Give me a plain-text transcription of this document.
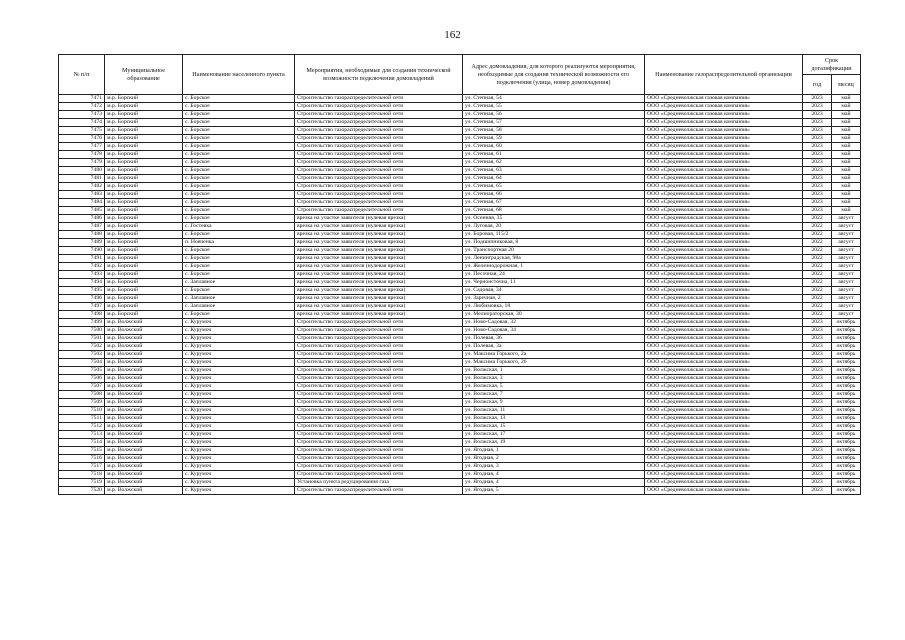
162
№ п/п	Муниципальное образование	Наименование населенного пункта	Мероприятия, необходимые для создания технической возможности подключения домовладений	Адрес домовладения, для которого реализуются мероприятия, необходимые для создания технической возможности его подключения (улица, номер домовладения)	Наименование газораспределительной организации	Срок догазификации	
						год	месяц
7471	м.р. Борский	с. Борское	Строительство газораспределительной сети	ул. Степная, 54	ООО «Средневолжская газовая компания»	2023	май
7472	м.р. Борский	с. Борское	Строительство газораспределительной сети	ул. Степная, 55	ООО «Средневолжская газовая компания»	2023	май
7473	м.р. Борский	с. Борское	Строительство газораспределительной сети	ул. Степная, 56	ООО «Средневолжская газовая компания»	2023	май
7474	м.р. Борский	с. Борское	Строительство газораспределительной сети	ул. Степная, 57	ООО «Средневолжская газовая компания»	2023	май
7475	м.р. Борский	с. Борское	Строительство газораспределительной сети	ул. Степная, 58	ООО «Средневолжская газовая компания»	2023	май
7476	м.р. Борский	с. Борское	Строительство газораспределительной сети	ул. Степная, 59	ООО «Средневолжская газовая компания»	2023	май
7477	м.р. Борский	с. Борское	Строительство газораспределительной сети	ул. Степная, 60	ООО «Средневолжская газовая компания»	2023	май
7478	м.р. Борский	с. Борское	Строительство газораспределительной сети	ул. Степная, 61	ООО «Средневолжская газовая компания»	2023	май
7479	м.р. Борский	с. Борское	Строительство газораспределительной сети	ул. Степная, 62	ООО «Средневолжская газовая компания»	2023	май
7480	м.р. Борский	с. Борское	Строительство газораспределительной сети	ул. Степная, 63	ООО «Средневолжская газовая компания»	2023	май
7481	м.р. Борский	с. Борское	Строительство газораспределительной сети	ул. Степная, 64	ООО «Средневолжская газовая компания»	2023	май
7482	м.р. Борский	с. Борское	Строительство газораспределительной сети	ул. Степная, 65	ООО «Средневолжская газовая компания»	2023	май
7483	м.р. Борский	с. Борское	Строительство газораспределительной сети	ул. Степная, 66	ООО «Средневолжская газовая компания»	2023	май
7484	м.р. Борский	с. Борское	Строительство газораспределительной сети	ул. Степная, 67	ООО «Средневолжская газовая компания»	2023	май
7485	м.р. Борский	с. Борское	Строительство газораспределительной сети	ул. Степная, 68	ООО «Средневолжская газовая компания»	2023	май
7486	м.р. Борский	с. Борское	врезка на участке заявителя (нулевая врезка)	ул. Осенняя, 35	ООО «Средневолжская газовая компания»	2022	август
7487	м.р. Борский	с. Гостевка	врезка на участке заявителя (нулевая врезка)	ул. Луговая, 20	ООО «Средневолжская газовая компания»	2022	август
7488	м.р. Борский	с. Борское	врезка на участке заявителя (нулевая врезка)	ул. Боровая, 115/2	ООО «Средневолжская газовая компания»	2022	август
7489	м.р. Борский	п. Новченка	врезка на участке заявителя (нулевая врезка)	ул. Подшипниковая, 8	ООО «Средневолжская газовая компания»	2022	август
7490	м.р. Борский	с. Борское	врезка на участке заявителя (нулевая врезка)	ул. Транспортная 20	ООО «Средневолжская газовая компания»	2022	август
7491	м.р. Борский	с. Борское	врезка на участке заявителя (нулевая врезка)	ул. Ленинградская, 98а	ООО «Средневолжская газовая компания»	2022	август
7492	м.р. Борский	с. Борское	врезка на участке заявителя (нулевая врезка)	ул. Железнодорожная, 1	ООО «Средневолжская газовая компания»	2022	август
7493	м.р. Борский	с. Борское	врезка на участке заявителя (нулевая врезка)	ул. Песочная, 24	ООО «Средневолжская газовая компания»	2022	август
7494	м.р. Борский	с. Заплавное	врезка на участке заявителя (нулевая врезка)	ул. Черноисточна, 11	ООО «Средневолжская газовая компания»	2022	август
7495	м.р. Борский	с. Борское	врезка на участке заявителя (нулевая врезка)	ул. Садовая, 34	ООО «Средневолжская газовая компания»	2022	август
7496	м.р. Борский	с. Заплавное	врезка на участке заявителя (нулевая врезка)	ул. Заречная, 2	ООО «Средневолжская газовая компания»	2022	август
7497	м.р. Борский	с. Заплавное	врезка на участке заявителя (нулевая врезка)	ул. Любимовка, 18	ООО «Средневолжская газовая компания»	2022	август
7498	м.р. Борский	с. Борское	врезка на участке заявителя (нулевая врезка)	ул. Мелиораторская, 30	ООО «Средневолжская газовая компания»	2022	август
7499	м.р. Волжский	с. Курумоч	Строительство газораспределительной сети	ул. Ново-Садовая, 32	ООО «Средневолжская газовая компания»	2023	октябрь
7500	м.р. Волжский	с. Курумоч	Строительство газораспределительной сети	ул. Ново-Садовая, 34	ООО «Средневолжская газовая компания»	2023	октябрь
7501	м.р. Волжский	с. Курумоч	Строительство газораспределительной сети	ул. Полевая, 36	ООО «Средневолжская газовая компания»	2023	октябрь
7502	м.р. Волжский	с. Курумоч	Строительство газораспределительной сети	ул. Полевая, 3а	ООО «Средневолжская газовая компания»	2023	октябрь
7503	м.р. Волжский	с. Курумоч	Строительство газораспределительной сети	ул. Максима Горького, 2а	ООО «Средневолжская газовая компания»	2023	октябрь
7504	м.р. Волжский	с. Курумоч	Строительство газораспределительной сети	ул. Максима Горького, 26	ООО «Средневолжская газовая компания»	2023	октябрь
7505	м.р. Волжский	с. Курумоч	Строительство газораспределительной сети	ул. Волжская, 1	ООО «Средневолжская газовая компания»	2023	октябрь
7506	м.р. Волжский	с. Курумоч	Строительство газораспределительной сети	ул. Волжская, 3	ООО «Средневолжская газовая компания»	2023	октябрь
7507	м.р. Волжский	с. Курумоч	Строительство газораспределительной сети	ул. Волжская, 5	ООО «Средневолжская газовая компания»	2023	октябрь
7508	м.р. Волжский	с. Курумоч	Строительство газораспределительной сети	ул. Волжская, 7	ООО «Средневолжская газовая компания»	2023	октябрь
7509	м.р. Волжский	с. Курумоч	Строительство газораспределительной сети	ул. Волжская, 9	ООО «Средневолжская газовая компания»	2023	октябрь
7510	м.р. Волжский	с. Курумоч	Строительство газораспределительной сети	ул. Волжская, 11	ООО «Средневолжская газовая компания»	2023	октябрь
7511	м.р. Волжский	с. Курумоч	Строительство газораспределительной сети	ул. Волжская, 13	ООО «Средневолжская газовая компания»	2023	октябрь
7512	м.р. Волжский	с. Курумоч	Строительство газораспределительной сети	ул. Волжская, 15	ООО «Средневолжская газовая компания»	2023	октябрь
7513	м.р. Волжский	с. Курумоч	Строительство газораспределительной сети	ул. Волжская, 17	ООО «Средневолжская газовая компания»	2023	октябрь
7514	м.р. Волжский	с. Курумоч	Строительство газораспределительной сети	ул. Волжская, 19	ООО «Средневолжская газовая компания»	2023	октябрь
7515	м.р. Волжский	с. Курумоч	Строительство газораспределительной сети	ул. Ягодная, 1	ООО «Средневолжская газовая компания»	2023	октябрь
7516	м.р. Волжский	с. Курумоч	Строительство газораспределительной сети	ул. Ягодная, 2	ООО «Средневолжская газовая компания»	2023	октябрь
7517	м.р. Волжский	с. Курумоч	Строительство газораспределительной сети	ул. Ягодная, 3	ООО «Средневолжская газовая компания»	2023	октябрь
7518	м.р. Волжский	с. Курумоч	Строительство газораспределительной сети	ул. Ягодная, 4	ООО «Средневолжская газовая компания»	2023	октябрь
7519	м.р. Волжский	с. Курумоч	Установка пункта редуцирования газа	ул. Ягодная, 4	ООО «Средневолжская газовая компания»	2023	октябрь
7520	м.р. Волжский	с. Курумоч	Строительство газораспределительной сети	ул. Ягодная, 5	ООО «Средневолжская газовая компания»	2023	октябрь
